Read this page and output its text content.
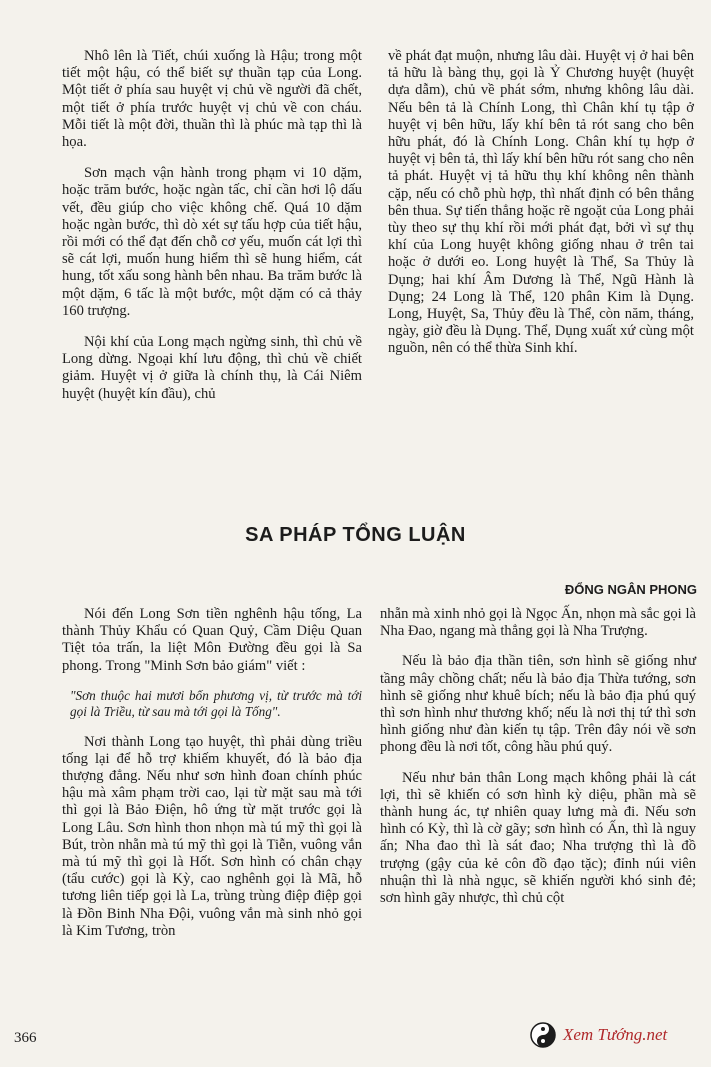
Nhô lên là Tiết, chúi xuống là Hậu; trong một tiết một hậu, có thể biết sự thuần tạp của Long. Một tiết ở phía sau huyệt vị chủ về người đã chết, một tiết ở phía trước huyệt vị chủ về con cháu. Mỗi tiết là một đời, thuần thì là phúc mà tạp thì là họa.

Sơn mạch vận hành trong phạm vi 10 dặm, hoặc trăm bước, hoặc ngàn tấc, chỉ cần hơi lộ dấu vết, đều giúp cho việc không chế. Quá 10 dặm hoặc ngàn bước, thì dò xét sự tấu hợp của tiết hậu, rồi mới có thể đạt đến chỗ cơ yếu, muốn cát lợi thì sẽ cát lợi, muốn hung hiểm thì sẽ hung hiểm, cát hung, tốt xấu song hành bên nhau. Ba trăm bước là một dặm, 6 tấc là một bước, một dặm có cả thảy 160 trượng.

Nội khí của Long mạch ngừng sinh, thì chủ về Long dừng. Ngoại khí lưu động, thì chủ về chiết giảm. Huyệt vị ở giữa là chính thụ, là Cái Niêm huyệt (huyệt kín đầu), chủ

về phát đạt muộn, nhưng lâu dài. Huyệt vị ở hai bên tả hữu là bàng thụ, gọi là Ỷ Chương huyệt (huyệt dựa dẫm), chủ về phát sớm, nhưng không lâu dài. Nếu bên tả là Chính Long, thì Chân khí tụ tập ở huyệt vị bên hữu, lấy khí bên tả rót sang cho bên hữu phát, đó là Chính Long. Chân khí tụ hợp ở huyệt vị bên tả, thì lấy khí bên hữu rót sang cho nên tả phát. Huyệt vị tả hữu thụ khí không nên thành cặp, nếu có chỗ phù hợp, thì nhất định có bên thắng bên thua. Sự tiến thẳng hoặc rẽ ngoặt của Long phải tùy theo sự thụ khí rồi mới phát đạt, bởi vì sự thụ khí của Long huyệt không giống nhau ở trên tai hoặc ở dưới eo. Long huyệt là Thể, Sa Thủy là Dụng; hai khí Âm Dương là Thể, Ngũ Hành là Dụng; 24 Long là Thể, 120 phân Kim là Dụng. Long, Huyệt, Sa, Thủy đều là Thể, còn năm, tháng, ngày, giờ đều là Dụng. Thể, Dụng xuất xứ cùng một nguồn, nên có thể thừa Sinh khí.

SA PHÁP TỔNG LUẬN

ĐỔNG NGÂN PHONG

Nói đến Long Sơn tiền nghênh hậu tống, La thành Thủy Khẩu có Quan Quỷ, Cầm Diệu Quan Tiệt tỏa trấn, la liệt Môn Đường đều gọi là Sa phong. Trong "Minh Sơn bảo giám" viết :

"Sơn thuộc hai mươi bốn phương vị, từ trước mà tới gọi là Triều, từ sau mà tới gọi là Tống".

Nơi thành Long tạo huyệt, thì phải dùng triều tống lại để hỗ trợ khiếm khuyết, đó là bảo địa thượng đẳng. Nếu như sơn hình đoan chính phúc hậu mà xâm phạm trời cao, lại từ mặt sau mà tới thì gọi là Bảo Điện, hô ứng từ mặt trước gọi là Long Lâu. Sơn hình thon nhọn mà tú mỹ thì gọi là Bút, tròn nhẵn mà tú mỹ thì gọi là Tiễn, vuông vắn mà tú mỹ thì gọi là Hốt. Sơn hình có chân chạy (tẩu cước) gọi là Kỳ, cao nghênh gọi là Mã, hỗ tương liên tiếp gọi là La, trùng trùng điệp điệp gọi là Đồn Binh Nha Đội, vuông vắn mà sinh nhỏ gọi là Kim Tương, tròn

nhẵn mà xinh nhỏ gọi là Ngọc Ấn, nhọn mà sắc gọi là Nha Đao, ngang mà thẳng gọi là Nha Trượng.

Nếu là bảo địa thần tiên, sơn hình sẽ giống như tầng mây chồng chất; nếu là bảo địa Thừa tướng, sơn hình sẽ giống như khuê bích; nếu là bảo địa phú quý thì sơn hình như thương khố; nếu là nơi thị tứ thì sơn hình giống như đàn kiến tụ tập. Trên đây nói về sơn phong đều là nơi tốt, công hầu phú quý.

Nếu như bản thân Long mạch không phải là cát lợi, thì sẽ khiến có sơn hình kỳ diệu, phần mà sẽ thành hung ác, tự nhiên quay lưng mà đi. Nếu sơn hình có Kỳ, thì là cờ gãy; sơn hình có Ấn, thì là nguy ấn; Nha đao thì là sát đao; Nha trượng thì là đồ trượng (gậy của kẻ côn đồ đạo tặc); đỉnh núi viên nhuận thì là nhà ngục, sẽ khiến người khó sinh đẻ; sơn hình gãy nhược, thì chủ cột

366	Xem Tướng.net
